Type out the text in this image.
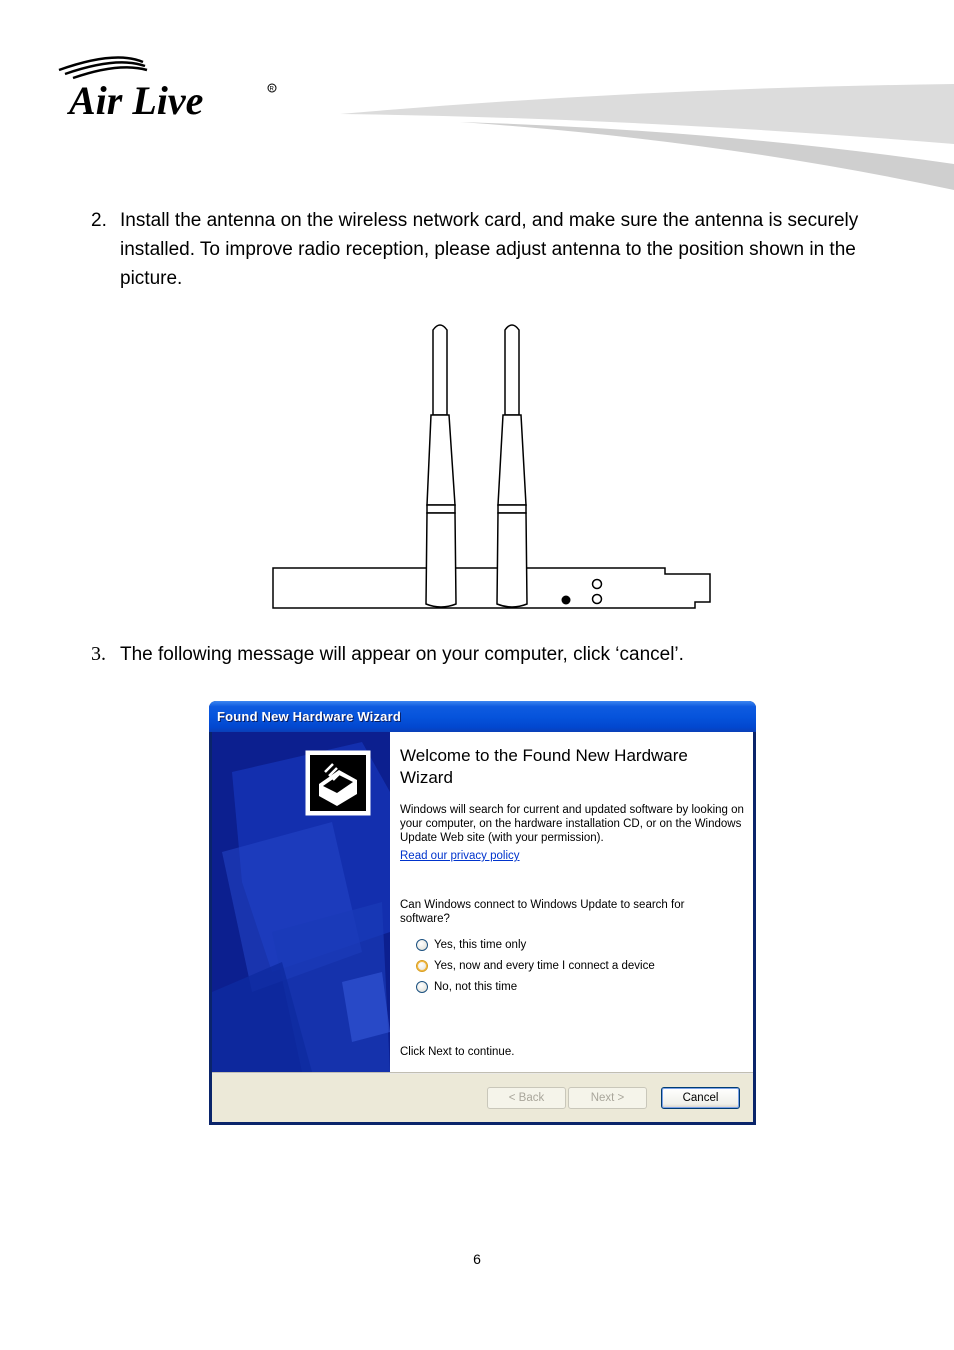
Air Live	R
2. Install the antenna on the wireless network card, and make sure the antenna is securely installed. To improve radio reception, please adjust antenna to the position shown in the picture.
3. The following message will appear on your computer, click ‘cancel’.
Found New Hardware Wizard
Welcome to the Found New Hardware Wizard
Windows will search for current and updated software by looking on your computer, on the hardware installation CD, or on the Windows Update Web site (with your permission).
Read our privacy policy
Can Windows connect to Windows Update to search for software?
Yes, this time only
Yes, now and every time I connect a device
No, not this time
Click Next to continue.
< Back	Next >	Cancel
6
